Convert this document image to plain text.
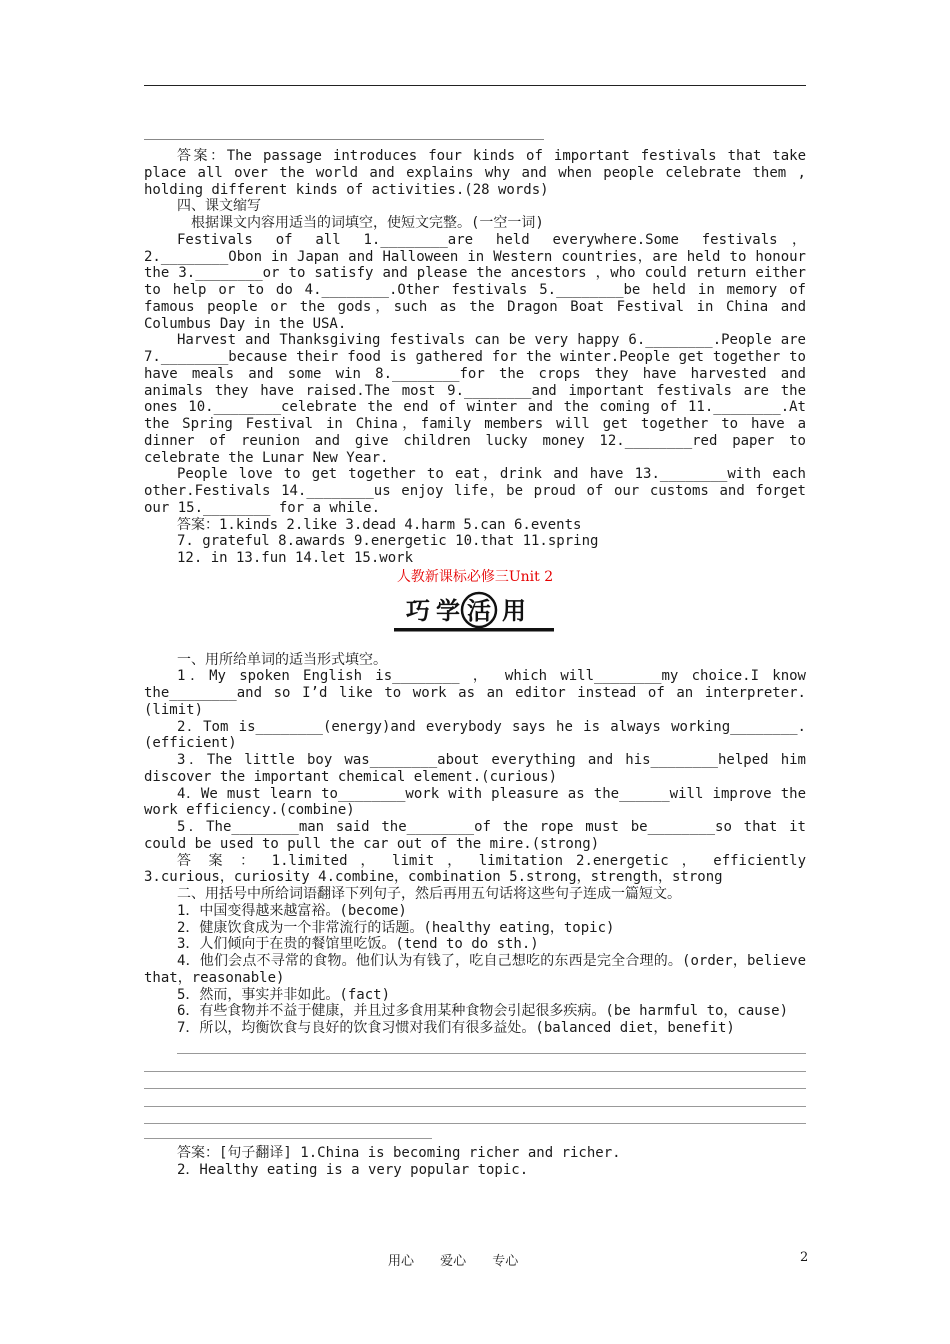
答案：The passage introduces four kinds of important festivals that take place all over the world and explains why and when people celebrate them , holding different kinds of activities.(28 words)
四、课文缩写
根据课文内容用适当的词填空，使短文完整。(一空一词)
Festivals of all 1.________are held everywhere.Some festivals，2.________Obon in Japan and Halloween in Western countries，are held to honour the 3.________or to satisfy and please the ancestors ，who could return either to help or to do 4.________.Other festivals 5.________be held in memory of famous people or the gods，such as the Dragon Boat Festival in China and Columbus Day in the USA.
Harvest and Thanksgiving festivals can be very happy 6.________.People are 7.________because their food is gathered for the winter.People get together to have meals and some win 8.________for the crops they have harvested and animals they have raised.The most 9.________and important festivals are the ones 10.________celebrate the end of winter and the coming of 11.________.At the Spring Festival in China，family members will get together to have a dinner of reunion and give children lucky money 12.________red paper to celebrate the Lunar New Year.
People love to get together to eat，drink and have 13.________with each other.Festivals 14.________us enjoy life，be proud of our customs and forget our 15.________ for a while.
答案：1.kinds 2.like 3.dead 4.harm 5.can 6.events
7. grateful 8.awards 9.energetic 10.that 11.spring
12. in 13.fun 14.let 15.work
人教新课标必修三Unit 2
巧 学 活 用
一、用所给单词的适当形式填空。
1．My spoken English is________ ， which will________my choice.I know the________and so I’d like to work as an editor instead of an interpreter.(limit)
2．Tom is________(energy)and everybody says he is always working________.(efficient)
3．The little boy was________about everything and his________helped him discover the important chemical element.(curious)
4．We must learn to________work with pleasure as the______will improve the work efficiency.(combine)
5．The________man said the________of the rope must be________so that it could be used to pull the car out of the mire.(strong)
答 案 ： 1.limited ， limit ， limitation 2.energetic ， efficiently
3.curious，curiosity 4.combine，combination 5.strong，strength，strong
二、用括号中所给词语翻译下列句子，然后再用五句话将这些句子连成一篇短文。
1．中国变得越来越富裕。(become)
2．健康饮食成为一个非常流行的话题。(healthy eating，topic)
3．人们倾向于在贵的餐馆里吃饭。(tend to do sth.)
4．他们会点不寻常的食物。他们认为有钱了，吃自己想吃的东西是完全合理的。(order，believe that，reasonable)
5．然而，事实并非如此。(fact)
6．有些食物并不益于健康，并且过多食用某种食物会引起很多疾病。(be harmful to，cause)
7．所以，均衡饮食与良好的饮食习惯对我们有很多益处。(balanced diet，benefit)
答案：[句子翻译] 1.China is becoming richer and richer.
2．Healthy eating is a very popular topic.
用心 爱心 专心	2
